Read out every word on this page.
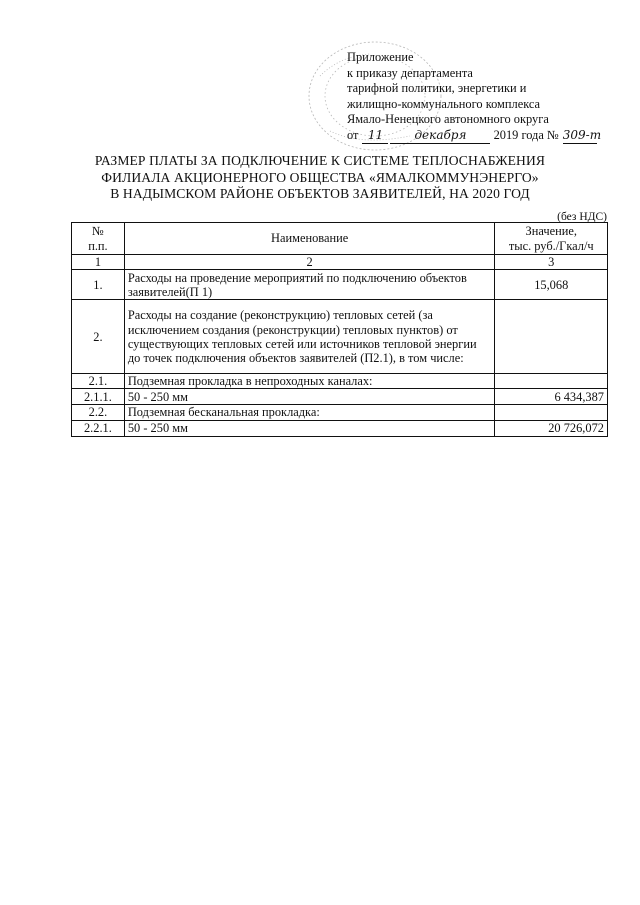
Приложение
к приказу департамента
тарифной политики, энергетики и
жилищно-коммунального комплекса
Ямало-Ненецкого автономного округа
от 11	декабря 2019 года № 309-т
РАЗМЕР ПЛАТЫ ЗА ПОДКЛЮЧЕНИЕ К СИСТЕМЕ ТЕПЛОСНАБЖЕНИЯ
ФИЛИАЛА АКЦИОНЕРНОГО ОБЩЕСТВА «ЯМАЛКОММУНЭНЕРГО»
В НАДЫМСКОМ РАЙОНЕ ОБЪЕКТОВ ЗАЯВИТЕЛЕЙ, НА 2020 ГОД
(без НДС)
№
п.п.	Наименование	Значение,
тыс. руб./Гкал/ч
1	2	3
1.	Расходы на проведение мероприятий по подключению объектов заявителей(П 1)	15,068
2.	Расходы на создание (реконструкцию) тепловых сетей (за исключением создания (реконструкции) тепловых пунктов) от существующих тепловых сетей или источников тепловой энергии до точек подключения объектов заявителей (П2.1), в том числе:	
2.1.	Подземная прокладка в непроходных каналах:	
2.1.1.	50 - 250 мм	6 434,387
2.2.	Подземная бесканальная прокладка:	
2.2.1.	50 - 250 мм	20 726,072
